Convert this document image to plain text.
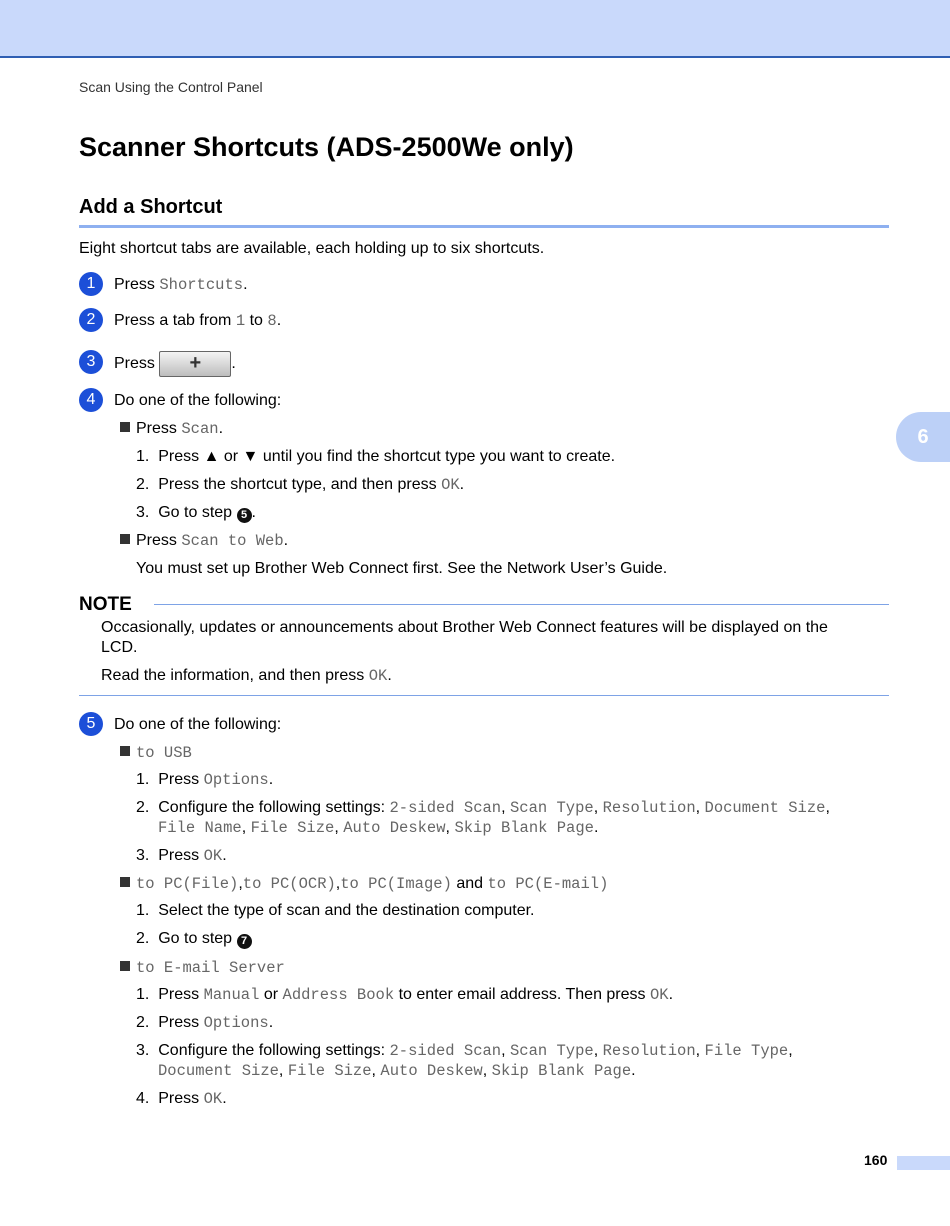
Scan Using the Control Panel
Scanner Shortcuts (ADS-2500We only)
Add a Shortcut
Eight shortcut tabs are available, each holding up to six shortcuts.
1	Press Shortcuts.
2	Press a tab from 1 to 8.
3	Press + .
4	Do one of the following:
Press Scan.
1. Press ▲ or ▼ until you find the shortcut type you want to create.
2. Press the shortcut type, and then press OK.
3. Go to step 5 .
Press Scan to Web.
You must set up Brother Web Connect first. See the Network User’s Guide.
NOTE
Occasionally, updates or announcements about Brother Web Connect features will be displayed on the
LCD.
Read the information, and then press OK.
5	Do one of the following:
to USB
1. Press Options.
2. Configure the following settings: 2-sided Scan, Scan Type, Resolution, Document Size,
File Name, File Size, Auto Deskew, Skip Blank Page.
3. Press OK.
to PC(File),to PC(OCR),to PC(Image) and to PC(E-mail)
1. Select the type of scan and the destination computer.
2. Go to step 7
to E-mail Server
1. Press Manual or Address Book to enter email address. Then press OK.
2. Press Options.
3. Configure the following settings: 2-sided Scan, Scan Type, Resolution, File Type,
Document Size, File Size, Auto Deskew, Skip Blank Page.
4. Press OK.
6
160
